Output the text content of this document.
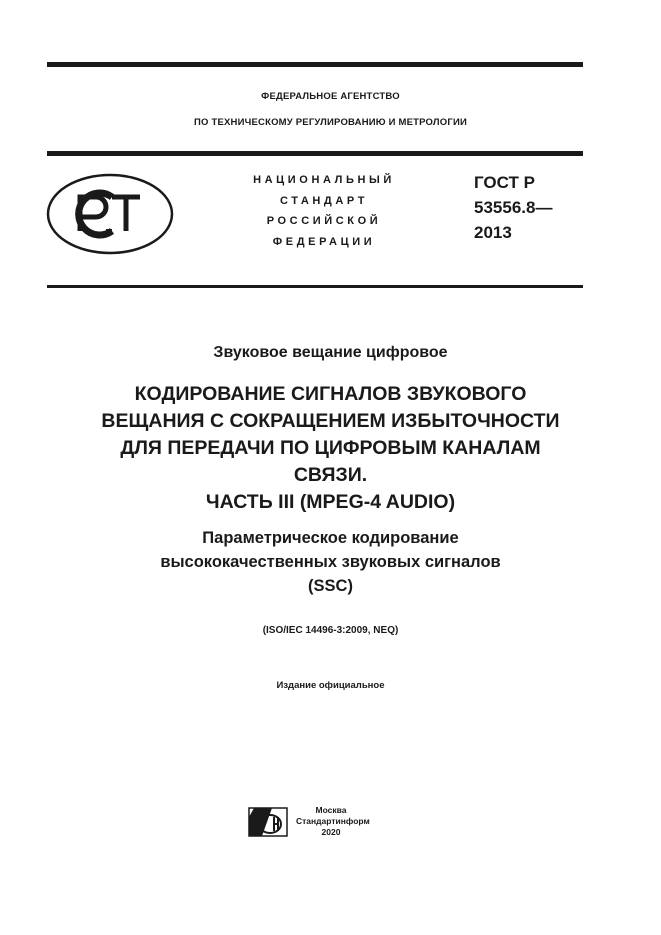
ФЕДЕРАЛЬНОЕ АГЕНТСТВО
ПО ТЕХНИЧЕСКОМУ РЕГУЛИРОВАНИЮ И МЕТРОЛОГИИ
НАЦИОНАЛЬНЫЙ
СТАНДАРТ
РОССИЙСКОЙ
ФЕДЕРАЦИИ
ГОСТ Р
53556.8—
2013
Звуковое вещание цифровое
КОДИРОВАНИЕ СИГНАЛОВ ЗВУКОВОГО
ВЕЩАНИЯ С СОКРАЩЕНИЕМ ИЗБЫТОЧНОСТИ
ДЛЯ ПЕРЕДАЧИ ПО ЦИФРОВЫМ КАНАЛАМ
СВЯЗИ.
ЧАСТЬ III (MPEG-4 AUDIO)
Параметрическое кодирование
высококачественных звуковых сигналов
(SSC)
(ISO/IEC 14496-3:2009, NEQ)
Издание официальное
Москва
Стандартинформ
2020
